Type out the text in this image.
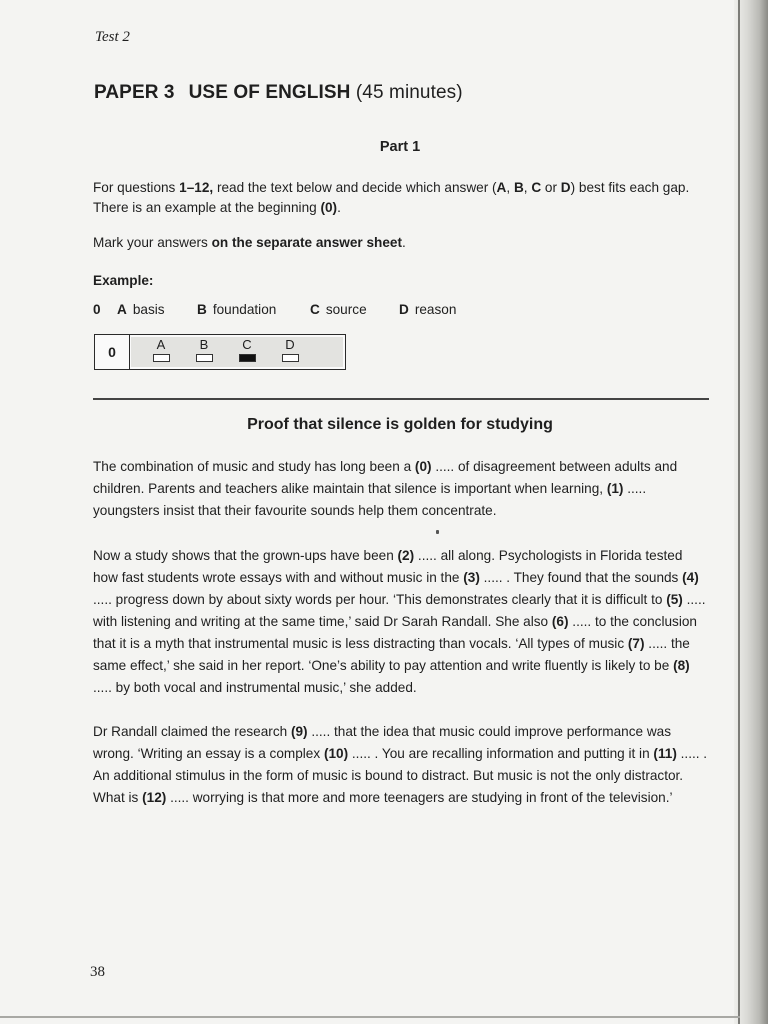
Test 2
PAPER 3 USE OF ENGLISH (45 minutes)
Part 1
For questions 1–12, read the text below and decide which answer (A, B, C or D) best fits each gap.
There is an example at the beginning (0).
Mark your answers on the separate answer sheet.
Example:
0	A basis B foundation C source D reason
0	A	B	C	D
Proof that silence is golden for studying
The combination of music and study has long been a (0) ..... of disagreement between adults and children. Parents and teachers alike maintain that silence is important when learning, (1) ..... youngsters insist that their favourite sounds help them concentrate.
Now a study shows that the grown-ups have been (2) ..... all along. Psychologists in Florida tested how fast students wrote essays with and without music in the (3) ..... . They found that the sounds (4) ..... progress down by about sixty words per hour. ‘This demonstrates clearly that it is difficult to (5) ..... with listening and writing at the same time,’ said Dr Sarah Randall. She also (6) ..... to the conclusion that it is a myth that instrumental music is less distracting than vocals. ‘All types of music (7) ..... the same effect,’ she said in her report. ‘One’s ability to pay attention and write fluently is likely to be (8) ..... by both vocal and instrumental music,’ she added.
Dr Randall claimed the research (9) ..... that the idea that music could improve performance was wrong. ‘Writing an essay is a complex (10) ..... . You are recalling information and putting it in (11) ..... . An additional stimulus in the form of music is bound to distract. But music is not the only distractor. What is (12) ..... worrying is that more and more teenagers are studying in front of the television.’
38
